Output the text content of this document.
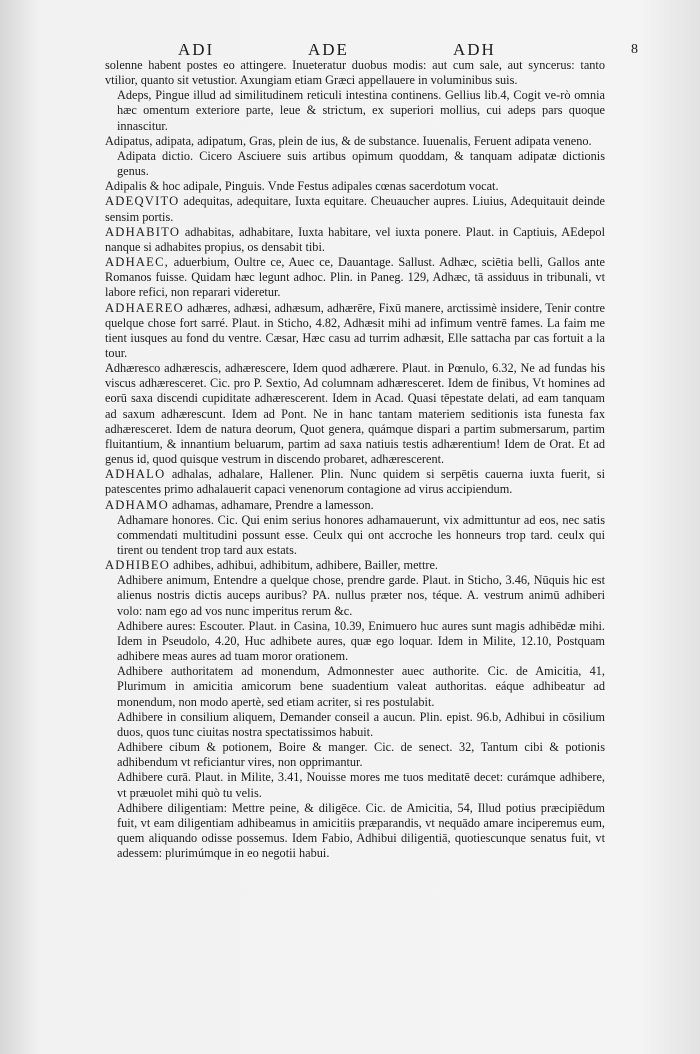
ADI	ADE	ADH	8

solenne habent postes eo attingere. Inueteratur duobus modis: aut cum sale, aut syncerus: tanto vtilior, quanto sit vetustior. Axungiam etiam Græci appellauere in voluminibus suis.

Adeps, Pingue illud ad similitudinem reticuli intestina continens. Gellius lib.4, Cogit ve-rò omnia hæc omentum exteriore parte, leue & strictum, ex superiori mollius, cui adeps pars quoque innascitur.

Adipatus, adipata, adipatum, Gras, plein de ius, & de substance. Iuuenalis, Feruent adipata veneno.

Adipata dictio. Cicero Asciuere suis artibus opimum quoddam, & tanquam adipatæ dictionis genus.

Adipalis & hoc adipale, Pinguis. Vnde Festus adipales cœnas sacerdotum vocat.

ADEQVITO adequitas, adequitare, Iuxta equitare. Cheuaucher aupres. Liuius, Adequitauit deinde sensim portis.

ADHABITO adhabitas, adhabitare, Iuxta habitare, vel iuxta ponere. Plaut. in Captiuis, AEdepol nanque si adhabites propius, os densabit tibi.

ADHAEC, aduerbium, Oultre ce, Auec ce, Dauantage. Sallust. Adhæc, sciētia belli, Gallos ante Romanos fuisse. Quidam hæc legunt adhoc. Plin. in Paneg. 129, Adhæc, tā assiduus in tribunali, vt labore refici, non reparari videretur.

ADHAEREO adhæres, adhæsi, adhæsum, adhærēre, Fixū manere, arctissimè insidere, Tenir contre quelque chose fort sarré. Plaut. in Sticho, 4.82, Adhæsit mihi ad infimum ventrē fames. La faim me tient iusques au fond du ventre. Cæsar, Hæc casu ad turrim adhæsit, Elle sattacha par cas fortuit a la tour.

Adhæresco adhærescis, adhærescere, Idem quod adhærere. Plaut. in Pœnulo, 6.32, Ne ad fundas his viscus adhæresceret. Cic. pro P. Sextio, Ad columnam adhæresceret. Idem de finibus, Vt homines ad eorū saxa discendi cupiditate adhærescerent. Idem in Acad. Quasi tēpestate delati, ad eam tanquam ad saxum adhærescunt. Idem ad Pont. Ne in hanc tantam materiem seditionis ista funesta fax adhæresceret. Idem de natura deorum, Quot genera, quámque dispari a partim submersarum, partim fluitantium, & innantium beluarum, partim ad saxa natiuis testis adhærentium! Idem de Orat. Et ad genus id, quod quisque vestrum in discendo probaret, adhærescerent.

ADHALO adhalas, adhalare, Hallener. Plin. Nunc quidem si serpētis cauerna iuxta fuerit, si patescentes primo adhalauerit capaci venenorum contagione ad virus accipiendum.

ADHAMO adhamas, adhamare, Prendre a lamesson.

Adhamare honores. Cic. Qui enim serius honores adhamauerunt, vix admittuntur ad eos, nec satis commendati multitudini possunt esse. Ceulx qui ont accroche les honneurs trop tard. ceulx qui tirent ou tendent trop tard aux estats.

ADHIBEO adhibes, adhibui, adhibitum, adhibere, Bailler, mettre.

Adhibere animum, Entendre a quelque chose, prendre garde. Plaut. in Sticho, 3.46, Nūquis hic est alienus nostris dictis auceps auribus? PA. nullus præter nos, téque. A. vestrum animū adhiberi volo: nam ego ad vos nunc imperitus rerum &c.

Adhibere aures: Escouter. Plaut. in Casina, 10.39, Enimuero huc aures sunt magis adhibēdæ mihi. Idem in Pseudolo, 4.20, Huc adhibete aures, quæ ego loquar. Idem in Milite, 12.10, Postquam adhibere meas aures ad tuam moror orationem.

Adhibere authoritatem ad monendum, Admonnester auec authorite. Cic. de Amicitia, 41, Plurimum in amicitia amicorum bene suadentium valeat authoritas. eáque adhibeatur ad monendum, non modo apertè, sed etiam acriter, si res postulabit.

Adhibere in consilium aliquem, Demander conseil a aucun. Plin. epist. 96.b, Adhibui in cōsilium duos, quos tunc ciuitas nostra spectatissimos habuit.

Adhibere cibum & potionem, Boire & manger. Cic. de senect. 32, Tantum cibi & potionis adhibendum vt reficiantur vires, non opprimantur.

Adhibere curā. Plaut. in Milite, 3.41, Nouisse mores me tuos meditatē decet: curámque adhibere, vt præuolet mihi quò tu velis.

Adhibere diligentiam: Mettre peine, & diligēce. Cic. de Amicitia, 54, Illud potius præcipiēdum fuit, vt eam diligentiam adhibeamus in amicitiis præparandis, vt nequādo amare inciperemus eum, quem aliquando odisse possemus. Idem Fabio, Adhibui diligentiā, quotiescunque senatus fuit, vt adessem: plurimúmque in eo negotii habui.
